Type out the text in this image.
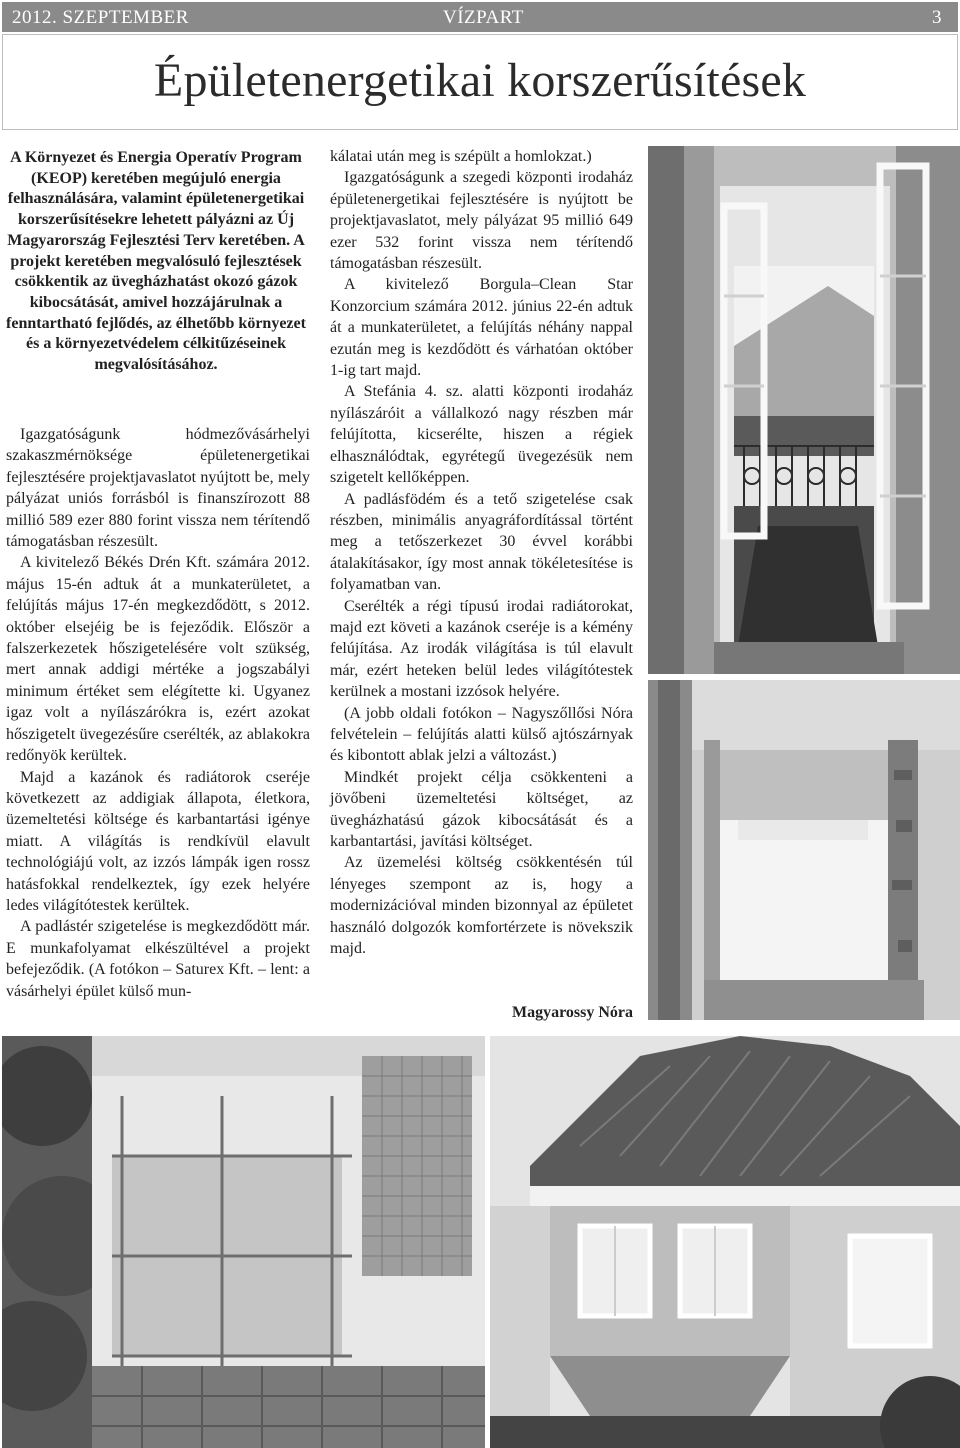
2012. SZEPTEMBER	VÍZPART	3
Épületenergetikai korszerűsítések
A Környezet és Energia Operatív Program (KEOP) keretében megújuló energia felhasználására, valamint épületenergetikai korszerűsítésekre lehetett pályázni az Új Magyarország Fejlesztési Terv keretében. A projekt keretében megvalósuló fejlesztések csökkentik az üvegházhatást okozó gázok kibocsátását, amivel hozzájárulnak a fenntartható fejlődés, az élhetőbb környezet és a környezetvédelem célkitűzéseinek megvalósításához.

Igazgatóságunk hódmezővásárhelyi szakaszmérnöksége épületenergetikai fejlesztésére projektjavaslatot nyújtott be, mely pályázat uniós forrásból is finanszírozott 88 millió 589 ezer 880 forint vissza nem térítendő támogatásban részesült.

A kivitelező Békés Drén Kft. számára 2012. május 15-én adtuk át a munkaterületet, a felújítás május 17-én megkezdődött, s 2012. október elsejéig be is fejeződik. Először a falszerkezetek hőszigetelésére volt szükség, mert annak addigi mértéke a jogszabályi minimum értéket sem elégítette ki. Ugyanez igaz volt a nyílászárókra is, ezért azokat hőszigetelt üvegezésűre cserélték, az ablakokra redőnyök kerültek.

Majd a kazánok és radiátorok cseréje következett az addigiak állapota, életkora, üzemeltetési költsége és karbantartási igénye miatt. A világítás is rendkívül elavult technológiájú volt, az izzós lámpák igen rossz hatásfokkal rendelkeztek, így ezek helyére ledes világítótestek kerültek.

A padlástér szigetelése is megkezdődött már. E munkafolyamat elkészültével a projekt befejeződik. (A fotókon – Saturex Kft. – lent: a vásárhelyi épület külső mun-

kálatai után meg is szépült a homlokzat.)

Igazgatóságunk a szegedi központi irodaház épületenergetikai fejlesztésére is nyújtott be projektjavaslatot, mely pályázat 95 millió 649 ezer 532 forint vissza nem térítendő támogatásban részesült.

A kivitelező Borgula–Clean Star Konzorcium számára 2012. június 22-én adtuk át a munkaterületet, a felújítás néhány nappal ezután meg is kezdődött és várhatóan október 1-ig tart majd.

A Stefánia 4. sz. alatti központi irodaház nyílászáróit a vállalkozó nagy részben már felújította, kicserélte, hiszen a régiek elhasználódtak, egyrétegű üvegezésük nem szigetelt kellőképpen.

A padlásfödém és a tető szigetelése csak részben, minimális anyagráfordítással történt meg a tetőszerkezet 30 évvel korábbi átalakításakor, így most annak tökéletesítése is folyamatban van.

Cserélték a régi típusú irodai radiátorokat, majd ezt követi a kazánok cseréje is a kémény felújítása. Az irodák világítása is túl elavult már, ezért heteken belül ledes világítótestek kerülnek a mostani izzósok helyére.

(A jobb oldali fotókon – Nagyszőllősi Nóra felvételein – felújítás alatti külső ajtószárnyak és kibontott ablak jelzi a változást.)

Mindkét projekt célja csökkenteni a jövőbeni üzemeltetési költséget, az üvegházhatású gázok kibocsátását és a karbantartási, javítási költséget.

Az üzemelési költség csökkentésén túl lényeges szempont az is, hogy a modernizációval minden bizonnyal az épületet használó dolgozók komfortérzete is növekszik majd.

Magyarossy Nóra
